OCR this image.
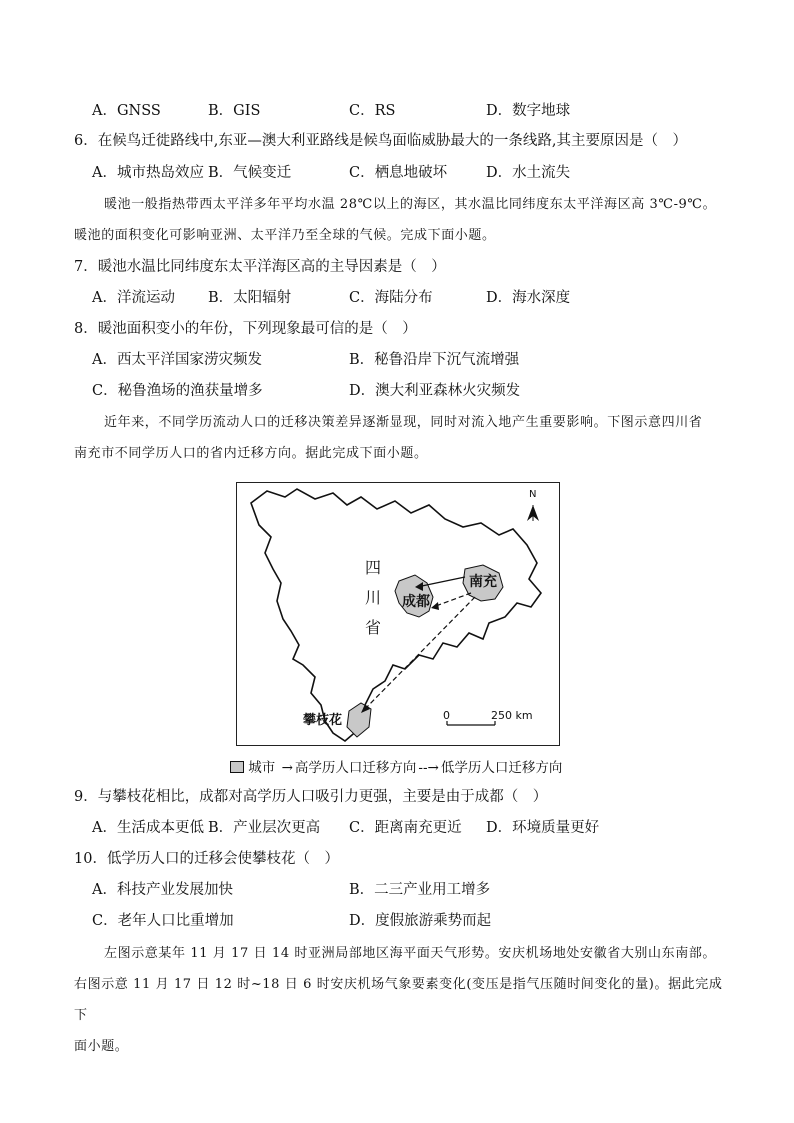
A．GNSS	B．GIS	C．RS	D．数字地球
6．在候鸟迁徙路线中,东亚—澳大利亚路线是候鸟面临威胁最大的一条线路,其主要原因是（　）
A．城市热岛效应 B．气候变迁	C．栖息地破坏	D．水土流失
暖池一般指热带西太平洋多年平均水温 28℃以上的海区，其水温比同纬度东太平洋海区高 3℃-9℃。
暖池的面积变化可影响亚洲、太平洋乃至全球的气候。完成下面小题。
7．暖池水温比同纬度东太平洋海区高的主导因素是（　）
A．洋流运动 B．太阳辐射	C．海陆分布	D．海水深度
8．暖池面积变小的年份，下列现象最可信的是（　）
A．西太平洋国家涝灾频发	B．秘鲁沿岸下沉气流增强
C．秘鲁渔场的渔获量增多	D．澳大利亚森林火灾频发
近年来，不同学历流动人口的迁移决策差异逐渐显现，同时对流入地产生重要影响。下图示意四川省
南充市不同学历人口的省内迁移方向。据此完成下面小题。
四
川
省
成都
南充
攀枝花
N
0	250 km
城市 → 高学历人口迁移方向 --→ 低学历人口迁移方向
9．与攀枝花相比，成都对高学历人口吸引力更强，主要是由于成都（　）
A．生活成本更低 B．产业层次更高 C．距离南充更近 D．环境质量更好
10．低学历人口的迁移会使攀枝花（　）
A．科技产业发展加快	B．二三产业用工增多
C．老年人口比重增加	D．度假旅游乘势而起
左图示意某年 11 月 17 日 14 时亚洲局部地区海平面天气形势。安庆机场地处安徽省大别山东南部。
右图示意 11 月 17 日 12 时~18 日 6 时安庆机场气象要素变化(变压是指气压随时间变化的量)。据此完成下
面小题。
